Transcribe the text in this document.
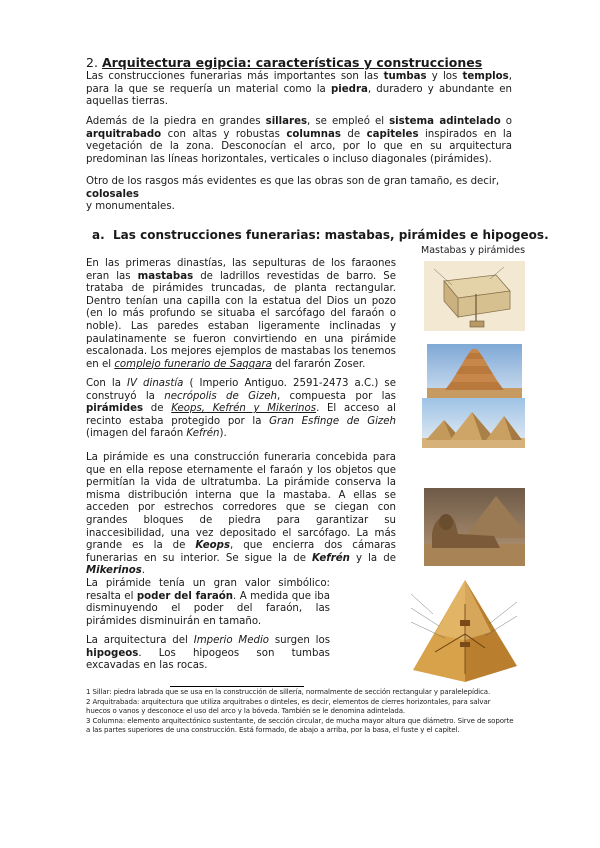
2. Arquitectura egipcia: características y construcciones

Las construcciones funerarias más importantes son las tumbas y los templos, para la que se requería un material como la piedra, duradero y abundante en aquellas tierras.

Además de la piedra en grandes sillares, se empleó el sistema adintelado o arquitrabado con altas y robustas columnas de capiteles inspirados en la vegetación de la zona. Desconocían el arco, por lo que en su arquitectura predominan las líneas horizontales, verticales o incluso diagonales (pirámides).

Otro de los rasgos más evidentes es que las obras son de gran tamaño, es decir,
colosales
y monumentales.

a. Las construcciones funerarias: mastabas, pirámides e hipogeos.
Mastabas y pirámides

En las primeras dinastías, las sepulturas de los faraones eran las mastabas de ladrillos revestidas de barro. Se trataba de pirámides truncadas, de planta rectangular. Dentro tenían una capilla con la estatua del Dios un pozo (en lo más profundo se situaba el sarcófago del faraón o noble). Las paredes estaban ligeramente inclinadas y paulatinamente se fueron convirtiendo en una pirámide escalonada. Los mejores ejemplos de mastabas los tenemos en el complejo funerario de Saqqara del fararón Zoser.

Con la IV dinastía ( Imperio Antiguo. 2591-2473 a.C.) se construyó la necrópolis de Gizeh, compuesta por las pirámides de Keops, Kefrén y Mikerinos. El acceso al recinto estaba protegido por la Gran Esfinge de Gizeh (imagen del faraón Kefrén).

La pirámide es una construcción funeraria concebida para que en ella repose eternamente el faraón y los objetos que permitían la vida de ultratumba. La pirámide conserva la misma distribución interna que la mastaba. A ellas se acceden por estrechos corredores que se ciegan con grandes bloques de piedra para garantizar su inaccesibilidad, una vez depositado el sarcófago. La más grande es la de Keops, que encierra dos cámaras funerarias en su interior. Se sigue la de Kefrén y la de Mikerinos.

La pirámide tenía un gran valor simbólico: resalta el poder del faraón. A medida que iba disminuyendo el poder del faraón, las pirámides disminuirán en tamaño.

La arquitectura del Imperio Medio surgen los hipogeos. Los hipogeos son tumbas excavadas en las rocas.

1 Sillar: piedra labrada que se usa en la construcción de sillería, normalmente de sección rectangular y paralelepídica.

2 Arquitrabada: arquitectura que utiliza arquitrabes o dinteles, es decir, elementos de cierres horizontales, para salvar huecos o vanos y desconoce el uso del arco y la bóveda. También se le denomina adintelada.

3 Columna: elemento arquitectónico sustentante, de sección circular, de mucha mayor altura que diámetro. Sirve de soporte a las partes superiores de una construcción. Está formado, de abajo a arriba, por la basa, el fuste y el capitel.
